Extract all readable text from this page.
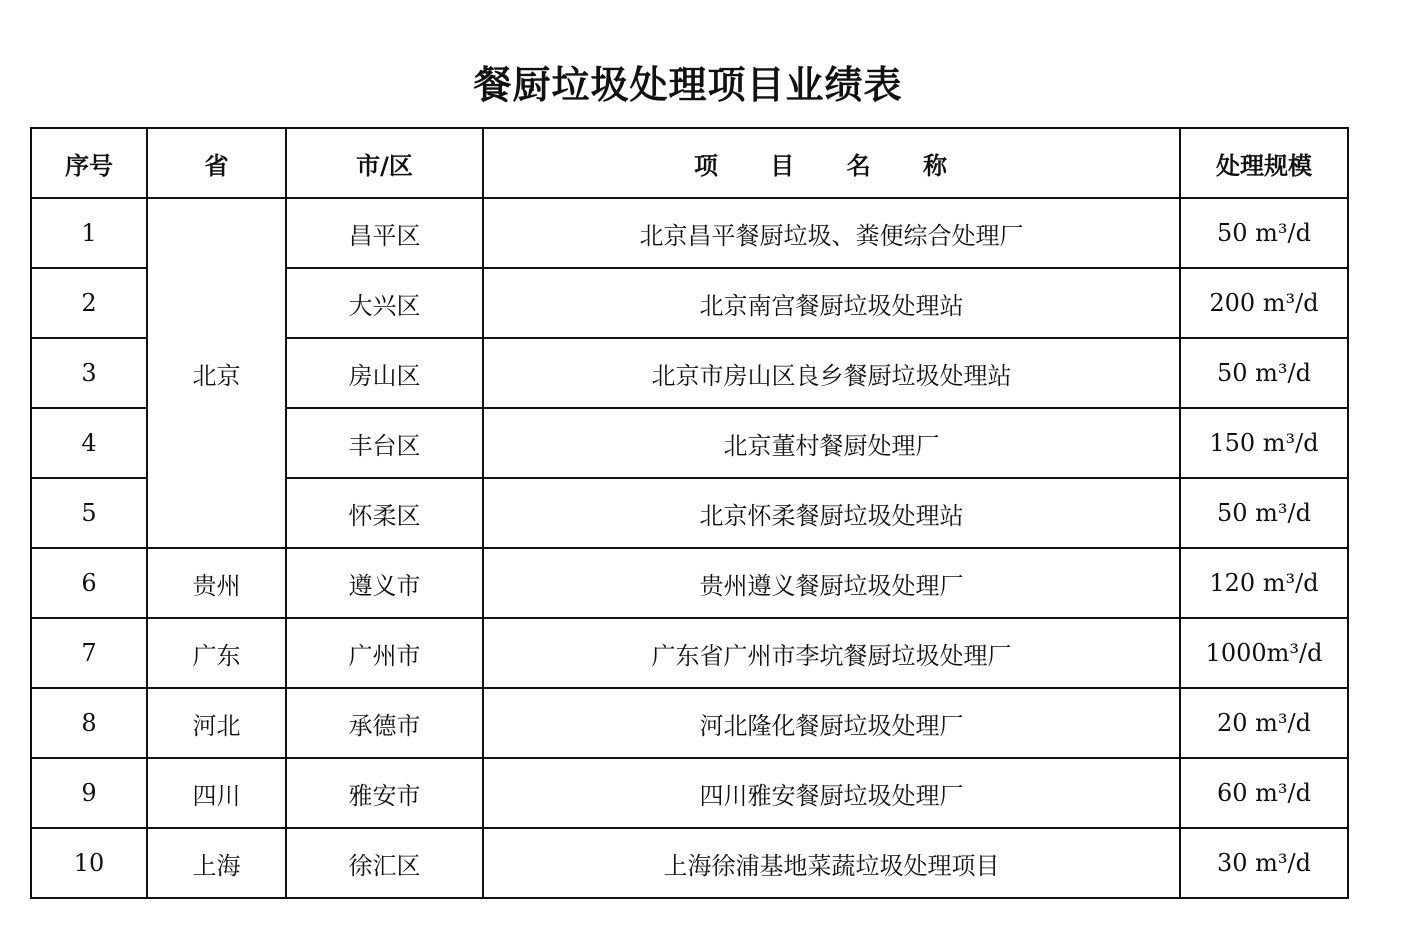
餐厨垃圾处理项目业绩表
序号	省	市/区	项 目 名 称	处理规模
1	北京	昌平区	北京昌平餐厨垃圾、粪便综合处理厂	50 m³/d
2		大兴区	北京南宫餐厨垃圾处理站	200 m³/d
3		房山区	北京市房山区良乡餐厨垃圾处理站	50 m³/d
4		丰台区	北京董村餐厨处理厂	150 m³/d
5		怀柔区	北京怀柔餐厨垃圾处理站	50 m³/d
6	贵州	遵义市	贵州遵义餐厨垃圾处理厂	120 m³/d
7	广东	广州市	广东省广州市李坑餐厨垃圾处理厂	1000m³/d
8	河北	承德市	河北隆化餐厨垃圾处理厂	20 m³/d
9	四川	雅安市	四川雅安餐厨垃圾处理厂	60 m³/d
10	上海	徐汇区	上海徐浦基地菜蔬垃圾处理项目	30 m³/d
